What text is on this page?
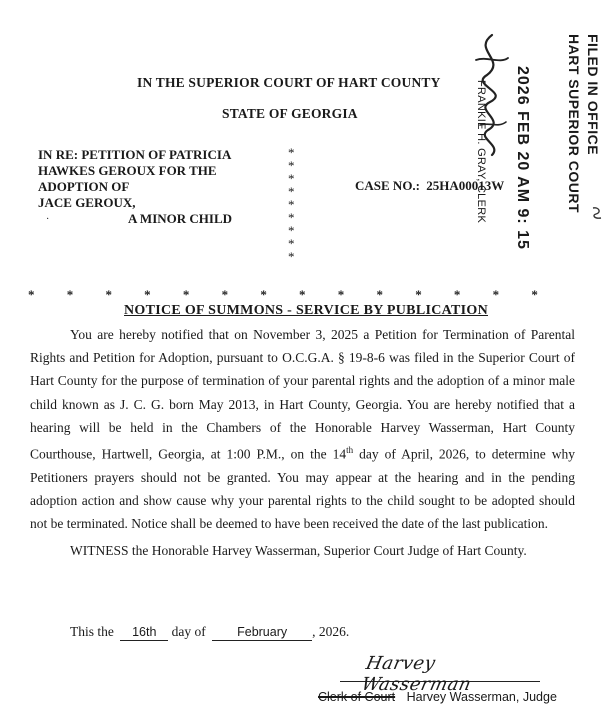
IN THE SUPERIOR COURT OF HART COUNTY
STATE OF GEORGIA	FILED IN OFFICE
HART SUPERIOR COURT
2026 FEB 20 AM 9: 15
FRANKIE H. GRAY, CLERK
IN RE: PETITION OF PATRICIA
HAWKES GEROUX FOR THE
ADOPTION OF
JACE GEROUX,
A MINOR CHILD
·
*
*
*
*
*
*
*
*
*
CASE NO.: 25HA00013W
* * * * * * * * * * * * * *
NOTICE OF SUMMONS - SERVICE BY PUBLICATION

You are hereby notified that on November 3, 2025 a Petition for Termination of Parental Rights and Petition for Adoption, pursuant to O.C.G.A. § 19-8-6 was filed in the Superior Court of Hart County for the purpose of termination of your parental rights and the adoption of a minor male child known as J. C. G. born May 2013, in Hart County, Georgia. You are hereby notified that a hearing will be held in the Chambers of the Honorable Harvey Wasserman, Hart County Courthouse, Hartwell, Georgia, at 1:00 P.M., on the 14th day of April, 2026, to determine why Petitioners prayers should not be granted. You may appear at the hearing and in the pending adoption action and show cause why your parental rights to the child sought to be adopted should not be terminated. Notice shall be deemed to have been received the date of the last publication.

WITNESS the Honorable Harvey Wasserman, Superior Court Judge of Hart County.

This the 16th day of	February , 2026.
Harvey Wasserman
Clerk of Court Harvey Wasserman, Judge
